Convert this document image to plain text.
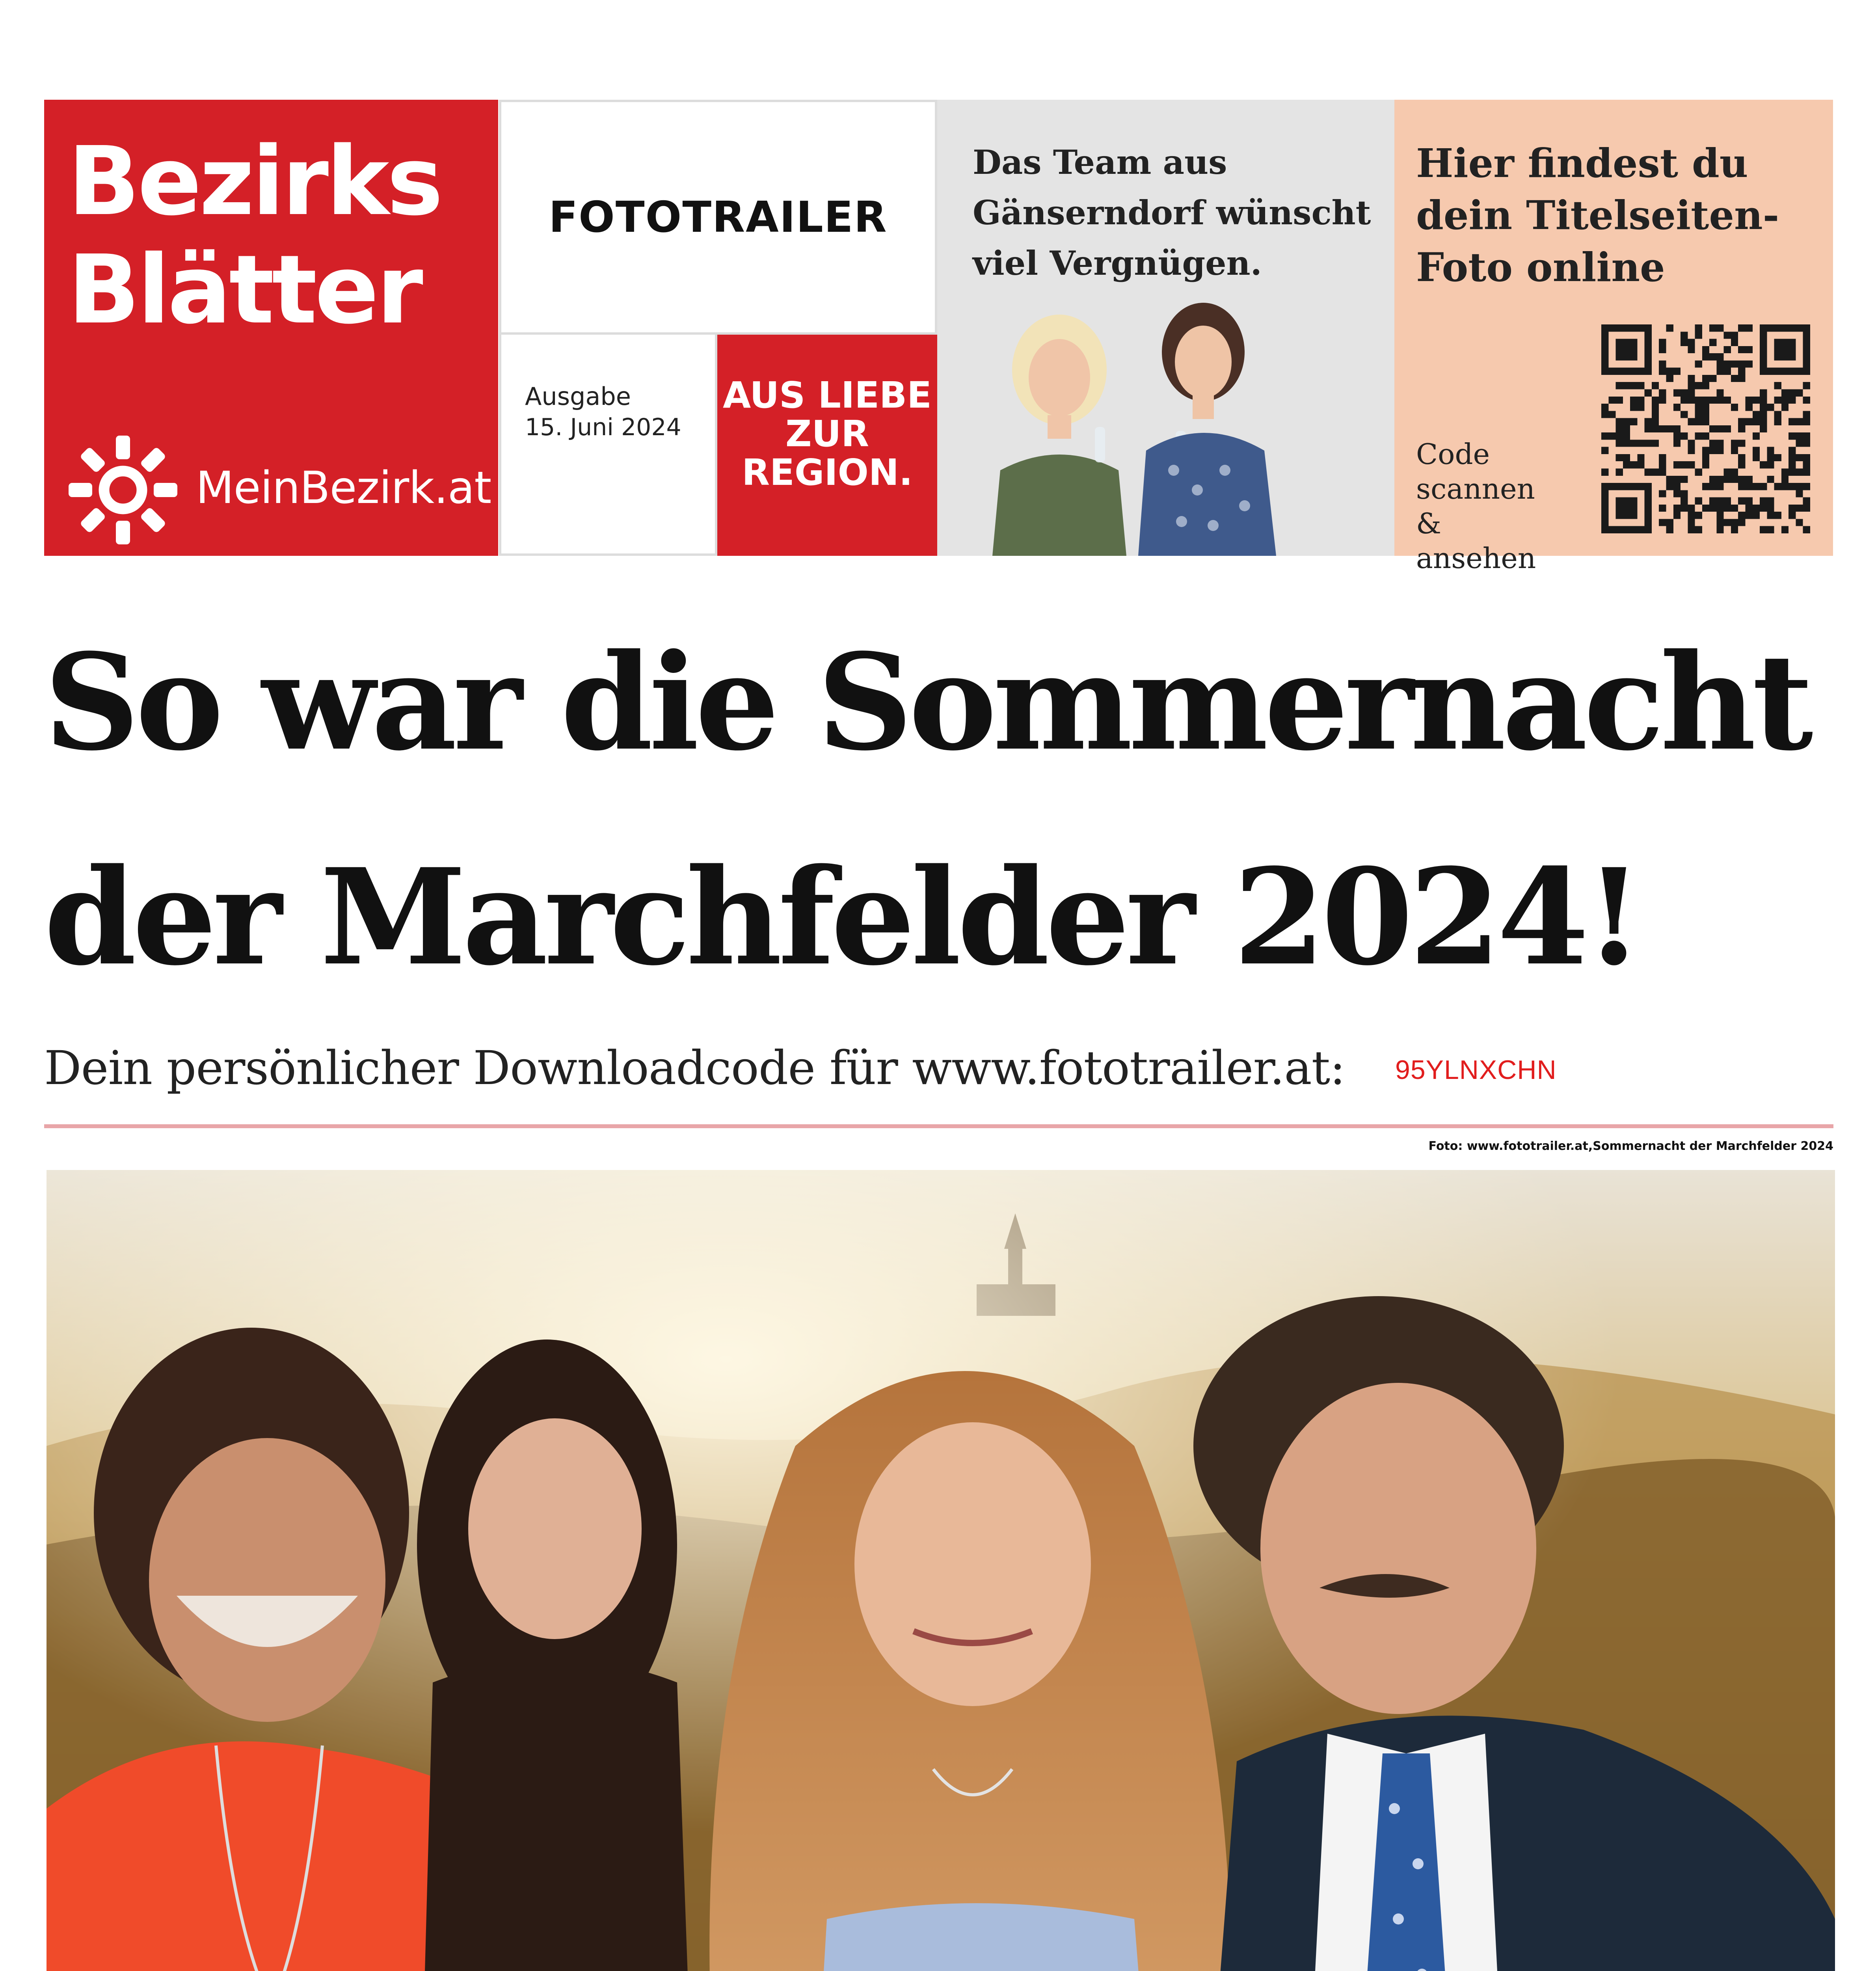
Bezirks
Blätter
MeinBezirk.at
FOTOTRAILER
Ausgabe
15. Juni 2024
AUS LIEBE
ZUR
REGION.
Das Team aus
Gänserndorf wünscht
viel Vergnügen.
Hier findest du
dein Titelseiten-
Foto online
Code
scannen
& ansehen
So war die Sommernacht
der Marchfelder 2024!
Dein persönlicher Downloadcode für www.fototrailer.at: 95YLNXCHN
Foto: www.fototrailer.at,Sommernacht der Marchfelder 2024
